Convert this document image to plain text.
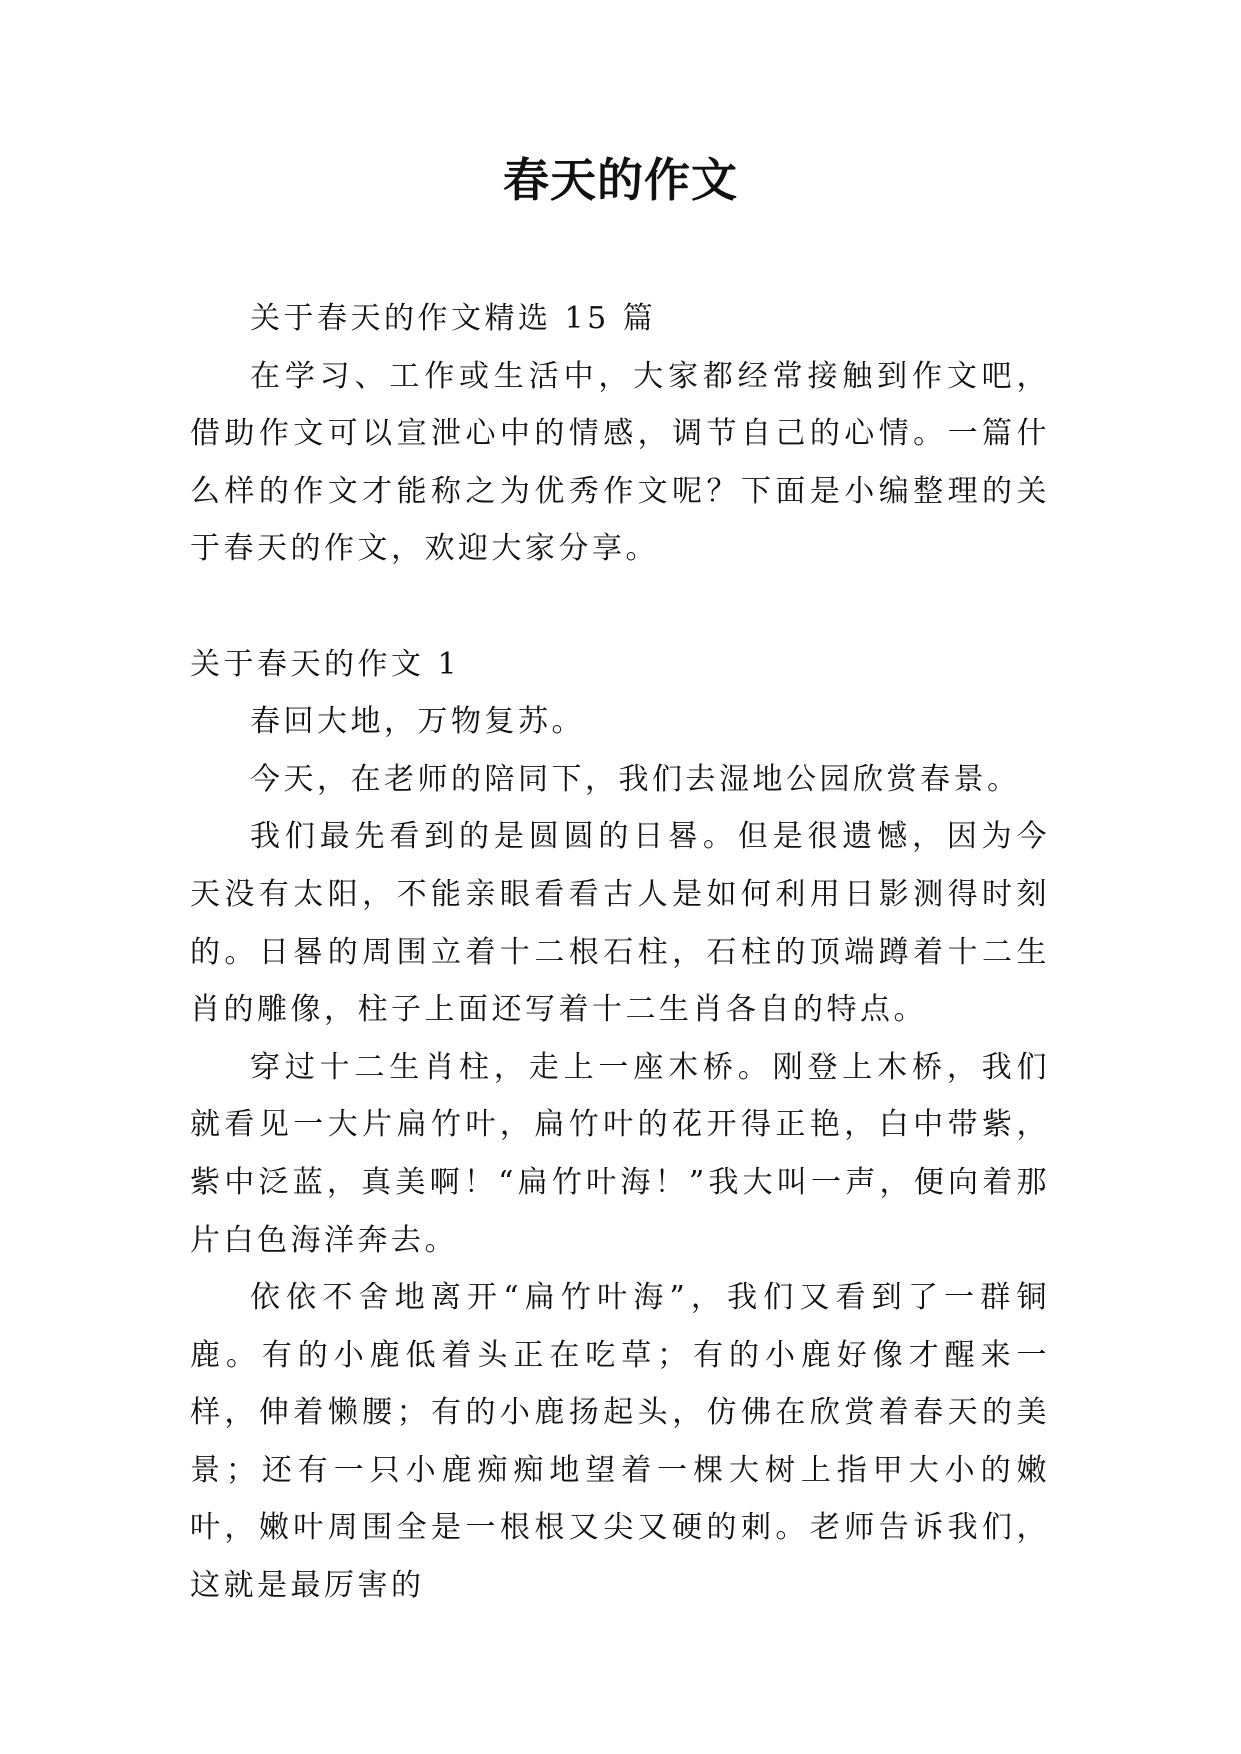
春天的作文

关于春天的作文精选 15 篇

在学习、工作或生活中，大家都经常接触到作文吧，借助作文可以宣泄心中的情感，调节自己的心情。一篇什么样的作文才能称之为优秀作文呢？下面是小编整理的关于春天的作文，欢迎大家分享。

关于春天的作文 1

春回大地，万物复苏。

今天，在老师的陪同下，我们去湿地公园欣赏春景。

我们最先看到的是圆圆的日晷。但是很遗憾，因为今天没有太阳，不能亲眼看看古人是如何利用日影测得时刻的。日晷的周围立着十二根石柱，石柱的顶端蹲着十二生肖的雕像，柱子上面还写着十二生肖各自的特点。

穿过十二生肖柱，走上一座木桥。刚登上木桥，我们就看见一大片扁竹叶，扁竹叶的花开得正艳，白中带紫，紫中泛蓝，真美啊！“扁竹叶海！”我大叫一声，便向着那片白色海洋奔去。

依依不舍地离开“扁竹叶海”，我们又看到了一群铜鹿。有的小鹿低着头正在吃草；有的小鹿好像才醒来一样，伸着懒腰；有的小鹿扬起头，仿佛在欣赏着春天的美景；还有一只小鹿痴痴地望着一棵大树上指甲大小的嫩叶，嫩叶周围全是一根根又尖又硬的刺。老师告诉我们，这就是最厉害的
